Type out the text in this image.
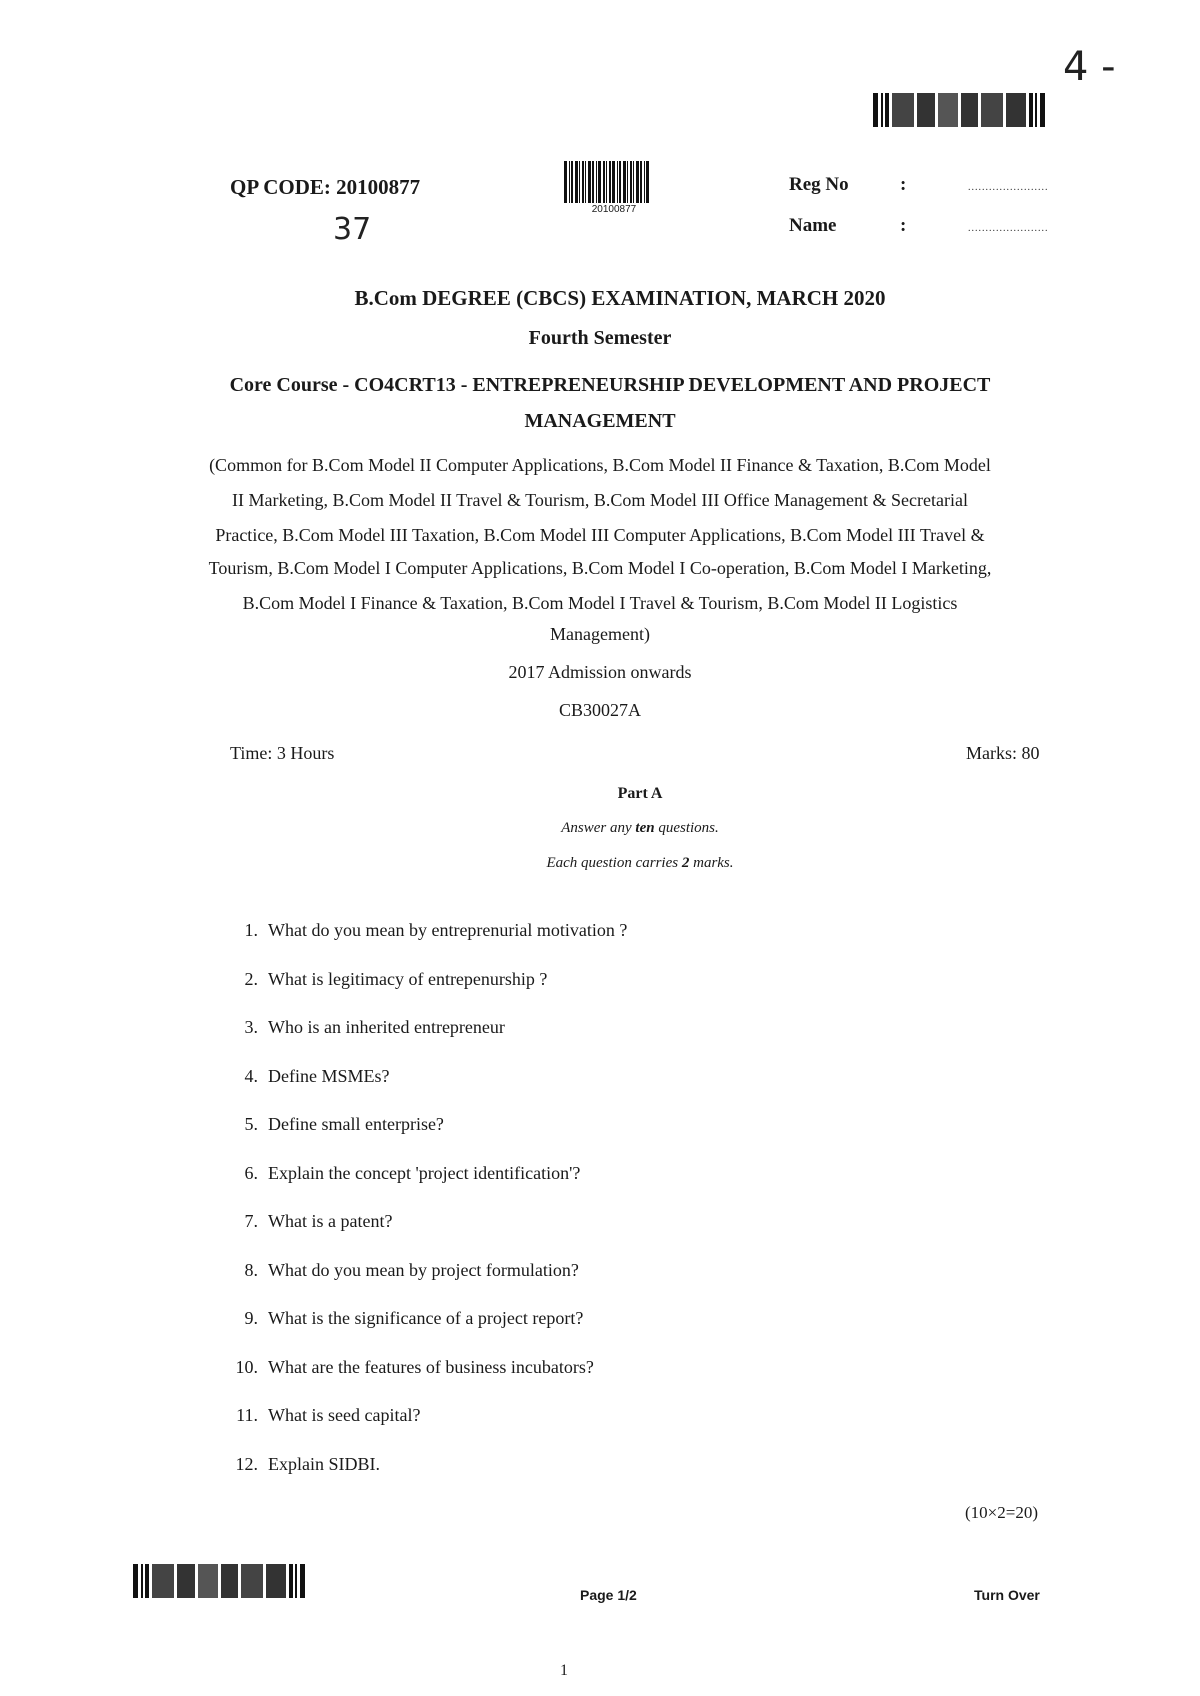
4 -
QP CODE: 20100877
37
20100877
Reg No	:	.......................
Name	:	.......................
B.Com DEGREE (CBCS) EXAMINATION, MARCH 2020
Fourth Semester
Core Course - CO4CRT13 - ENTREPRENEURSHIP DEVELOPMENT AND PROJECT
MANAGEMENT
(Common for B.Com Model II Computer Applications, B.Com Model II Finance & Taxation, B.Com Model
II Marketing, B.Com Model II Travel & Tourism, B.Com Model III Office Management & Secretarial
Practice, B.Com Model III Taxation, B.Com Model III Computer Applications, B.Com Model III Travel &
Tourism, B.Com Model I Computer Applications, B.Com Model I Co-operation, B.Com Model I Marketing,
B.Com Model I Finance & Taxation, B.Com Model I Travel & Tourism, B.Com Model II Logistics
Management)
2017 Admission onwards
CB30027A
Time: 3 Hours	Marks: 80
Part A
Answer any ten questions.
Each question carries 2 marks.
1. What do you mean by entreprenurial motivation ?
2. What is legitimacy of entrepenurship ?
3. Who is an inherited entrepreneur
4. Define MSMEs?
5. Define small enterprise?
6. Explain the concept 'project identification'?
7. What is a patent?
8. What do you mean by project formulation?
9. What is the significance of a project report?
10. What are the features of business incubators?
11. What is seed capital?
12. Explain SIDBI.
(10×2=20)
Page 1/2	Turn Over
1
